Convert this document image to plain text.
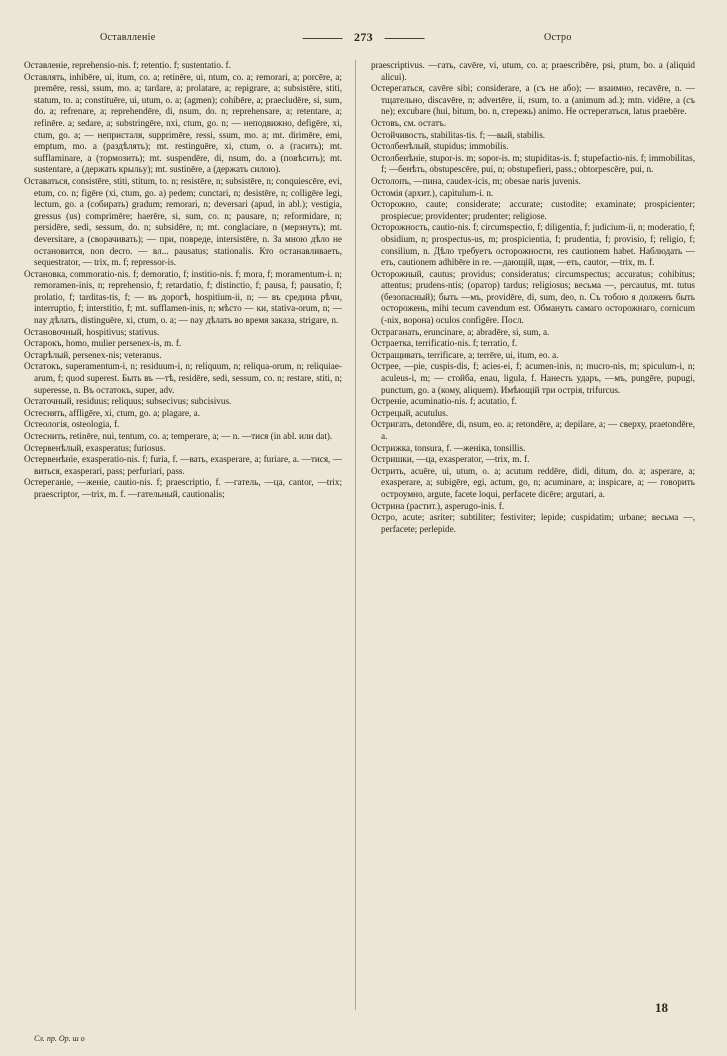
Оставлленіе	273	Острo
Оставленіе, reprehensio-nis. f; retentio. f; sustentatio. f.
Оставлять, inhibēre, ui, itum, co. a; retinēre, ui, ntum, co. a; remorari, a; porcēre, a; premēre, ressi, ssum, mo. a; tardare, a; prolatare, a; repigrare, a; subsistēre, stiti, statum, to. a; constituēre, ui, utum, o. a; (agmen); cohibēre, a; praecludēre, si, sum, do. a; refrenare, a; reprehendēre, di, nsum, do. n; reprehensare, a; retentare, a; refinēre. a; sedare, a; substringēre, nxi, ctum, go. n; — неподвижно, defigēre, xi, ctum, go. a; — непристаля, supprimēre, ressi, ssum, mo. a; mt. dirimēre, emi, emptum, mo. a (раздѣлять); mt. restinguēre, xi, ctum, o. a (гасить); mt. sufflaminare, a (тормозить); mt. suspendēre, di, nsum, do. a (повѣсить); mt. sustentare, a (держать крыльу); mt. sustinēre, a (держать силою).
Оставаться, consistēre, stiti, stitum, to. n; resistēre, n; subsistēre, n; conquiescēre, evi, etum, co. n; figēre (xi, ctum, go. a) pedem; cunctari, n; desistēre, n; colligēre legi, lectum, go. a (собирать) gradum; remorari, n; deversari (apud, in abl.); vestigia, gressus (us) comprimēre; haerēre, si, sum, co. n; pausare, n; reformidare, n; persidēre, sedi, sessum, do. n; subsidēre, n; mt. conglaciare, n (мерзнуть); mt. deversitare, a (сворачивать); — при, повреде, intersistēre, n. За мною дѣло не остановится, non decro. — вл... pausatus; stationalis. Кто останавливаеть, sequestrator, — trix, m. f; repressor-is.
Остановка, commoratio-nis. f; demoratio, f; institio-nis. f; mora, f; moramentum-i. n; remoramen-inis, n; reprehensio, f; retardatio, f; distinctio, f; pausa, f; pausatio, f; prolatio, f; tarditas-tis, f; — въ дорогѣ, hospitium-ii, n; — въ средина рѣчи, interruptio, f; interstitio, f; mt. sufflamen-inis, n; мѣсто — ки, stativa-orum, n; — nay дѣлать, distinguēre, xi, ctum, o. a; — nay дѣлать во время заказа, strigare, n.
Остановочный, hospitivus; stativus.
Остарокъ, homo, mulier persenex-is, m. f.
Остарѣлый, persenex-nis; veteranus.
Остатокъ, superamentum-i, n; residuum-i, n; reliquum, n; reliqua-orum, n; reliquiae-arum, f; quod superest. Быть въ —тѣ, residēre, sedi, sessum, co. n; restare, stiti, n; superesse, n. Въ остатокъ, super, adv.
Остаточный, residuus; reliquus; subsecivus; subcisivus.
Остеснять, affligēre, xi, ctum, go. a; plagare, a.
Остеологія, osteologia, f.
Остеснить, retinēre, nui, tentum, co. a; temperare, a; — n. —тися (in abl. или dat).
Остервенѣлый, exasperatus; furiosus.
Остервенѣніе, exasperatio-nis. f; furia, f. —вать, exasperare, a; furiare, a. —тися, —виться, exasperari, pass; perfuriari, pass.
Остереганіе, —женіе, cautio-nis. f; praescriptio, f. —гатель, —ца, cantor, —trix; praescriptor, —trix, m. f. —гательный, cautionalis;
praescriptivus. —гать, cavēre, vi, utum, co. a; praescribēre, psi, ptum, bo. a (aliquid alicui).
Остерегаться, cavēre sibi; considerare, a (съ не або); — взаимно, recavēre, n. — тщательно, discavēre, n; advertēre, ii, rsum, to. a (animum ad.); mtn. vidēre, a (съ ne); excubare (hui, bitum, bo. n, стережь) animo. Не остерегаться, latus praebēre.
Остовъ, см. остатъ.
Остойчивость, stabilitas-tis. f; —вый, stabilis.
Остолбенѣлый, stupidus; immobilis.
Остолбенѣніе, stupor-is. m; sopor-is. m; stupiditas-is. f; stupefactio-nis. f; immobilitas, f; —бенѣть, obstupescēre, pui, n; obstupefieri, pass.; obtorpescēre, pui, n.
Остолопъ, —пина, caudex-icis, m; obesae naris juvenis.
Остомія (архит.), capitulum-i. n.
Осторожно, caute; considerate; accurate; custodite; examinate; prospicienter; prospiecue; providenter; prudenter; religiose.
Осторожность, cautio-nis. f; circumspectio, f; diligentia, f; judicium-ii, n; moderatio, f; obsidium, n; prospectus-us, m; prospicientia, f; prudentia, f; provisio, f; religio, f; consilium, n. Дѣло требуетъ осторожности, res cautionem habet. Наблюдать —еть, cautionem adhibēre in re. —дающій, щая, —еть, cautor, —trix, m. f.
Осторожный, cautus; providus; consideratus; circumspectus; accuratus; cohibitus; attentus; prudens-ntis; (оратор) tardus; religiosus; весьма —, percautus, mt. tutus (безопасный); быть —мъ, providēre, di, sum, deo, n. Съ тобою я долженъ быть осторожень, mihi tecum cavendum est. Обмануть самаго осторожнаго, cornicum (-nix, ворона) oculos configēre. Посл.
Остраганать, eruncinare, a; abradēre, si, sum, a.
Остраетка, terrificatio-nis. f; terratio, f.
Остращивать, terrificare, a; terrēre, ui, itum, eo. a.
Острее, —pie, cuspis-dis, f; acies-ei, f; acumen-inis, n; mucro-nis, m; spiculum-i, n; aculeus-i, m; — стойба, enau, ligula, f. Нанесть ударъ, —мъ, pungēre, pupugi, punctum, go. a (кому, aliquem). Имѣющій три острія, trifurcus.
Остреніе, acuminatio-nis. f; acutatio, f.
Острецый, acutulus.
Остригать, detondēre, di, nsum, eo. a; retondēre, a; depilare, a; — сверху, praetondēre, a.
Острижка, tonsura, f. —женіка, tonsillis.
Остришки, —ца, exasperator, —trix, m. f.
Острить, acuēre, ui, utum, o. a; acutum reddēre, didi, ditum, do. a; asperare, a; exasperare, a; subigēre, egi, actum, go, n; acuminare, a; inspicare, a; — говорить остроумно, argute, facete loqui, perfacete dicēre; argutari, a.
Острина (растит.), asperugo-inis. f.
Остро, acute; asriter; subtiliter; festiviter; lepide; cuspidatim; urbane; весьма —, perfacete; perlepide.
18
Сл. пр. Ор. ш о
